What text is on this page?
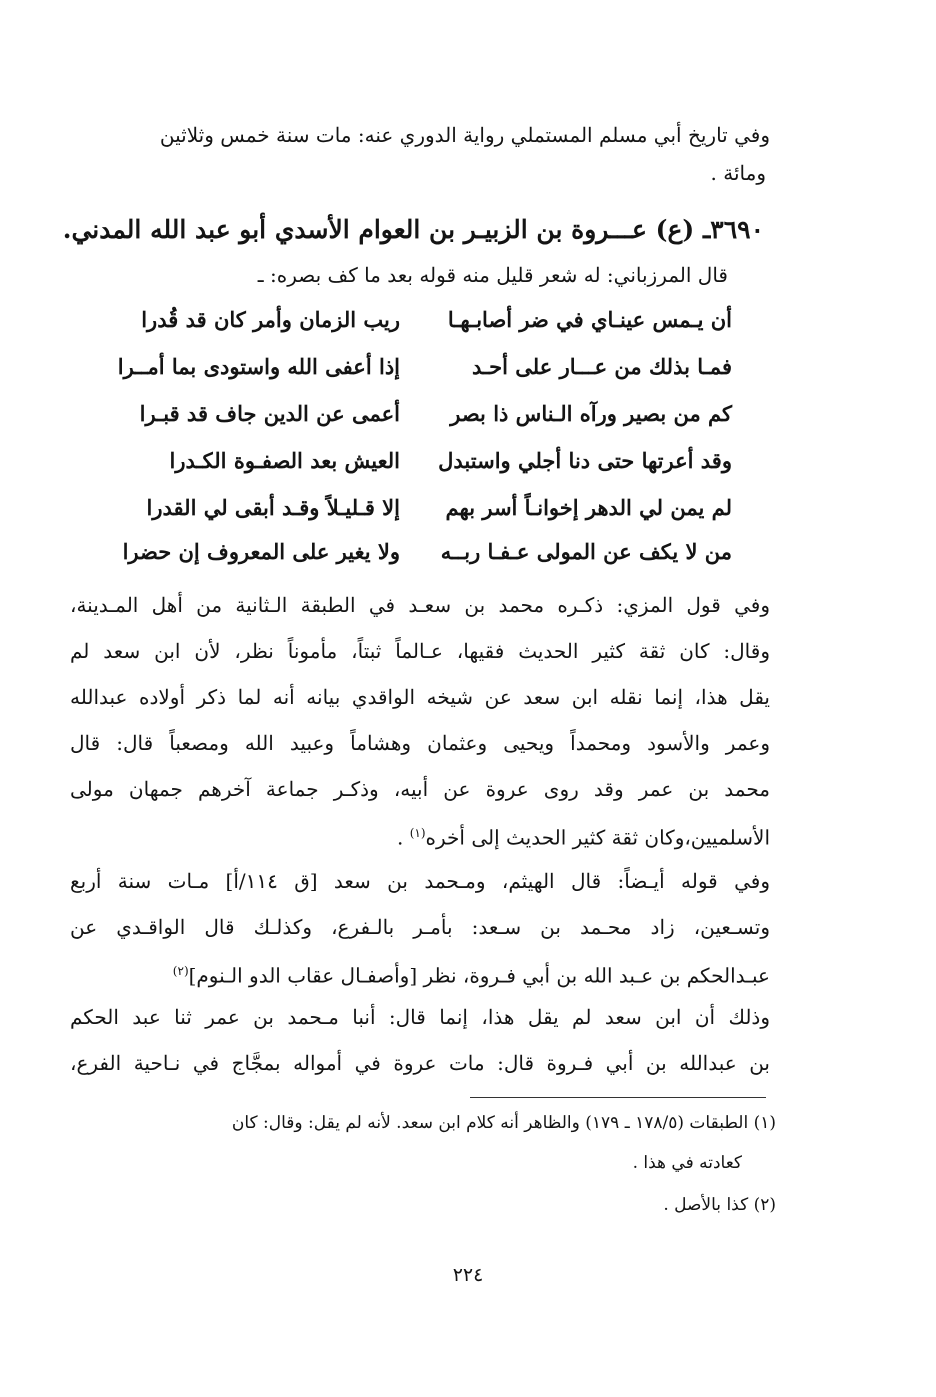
وفي تاريخ أبي مسلم المستملي رواية الدوري عنه: مات سنة خمس وثلاثين
ومائة .
٣٦٩٠ـ (ع) عـــروة بن الزبيـر بن العوام الأسدي أبو عبد الله المدني.
قال المرزباني: له شعر قليل منه قوله بعد ما كف بصره: ـ
أن يـمس عينـاي في ضر أصابـهـا
ريب الزمان وأمر كان قد قُدرا
فمـا بذلك من عـــار على أحـد
إذا أعفى الله واستودى بما أمــرا
كم من بصير ورآه الـناس ذا بصر
أعمى عن الدين جاف قد قبـرا
وقد أعرتها حتى دنا أجلي واستبدل
العيش بعد الصفـوة الكـدرا
لم يمن لي الدهر إخوانـاً أسر بهم
إلا قـليـلاً وقـد أبقى لي القدرا
من لا يكف عن المولى عـفـا ربــه
ولا يغير على المعروف إن حضرا
وفي قول المزي: ذكـره محمد بن سعـد في الطبقة الـثانية من أهل المـدينة،
وقال: كان ثقة كثير الحديث فقيها، عـالماً ثبتاً، مأموناً نظر، لأن ابن سعد لم
يقل هذا، إنما نقله ابن سعد عن شيخه الواقدي بيانه أنه لما ذكر أولاده عبدالله
وعمر والأسود ومحمداً ويحيى وعثمان وهشاماً وعبيد الله ومصعباً قال: قال
محمد بن عمر وقد روى عروة عن أبيه، وذكـر جماعة آخرهم جمهان مولى
الأسلميين،وكان ثقة كثير الحديث إلى أخره$^{(١)}$ .
وفي قوله أيـضاً: قال الهيثم، ومـحمد بن سعد [ق ١١٤/أ] مـات سنة أربع
وتسـعين، زاد محـمد بن سـعد: بأمـر بالـفرع، وكذلـك قال الواقـدي عن
عبـدالحكم بن عـبد الله بن أبي فـروة، نظر [وأصفـال عقاب الدو الـنوم]$^{(٢)}$
وذلك أن ابن سعد لم يقل هذا، إنما قال: أنبا مـحمد بن عمر ثنا عبد الحكم
بن عبدالله بن أبي فـروة قال: مات عروة في أمواله بمجَّاج في نـاحية الفرع،
(١) الطبقات (١٧٨/٥ ـ ١٧٩) والظاهر أنه كلام ابن سعد. لأنه لم يقل: وقال: كان
كعادته في هذا .
(٢) كذا بالأصل .
٢٢٤
